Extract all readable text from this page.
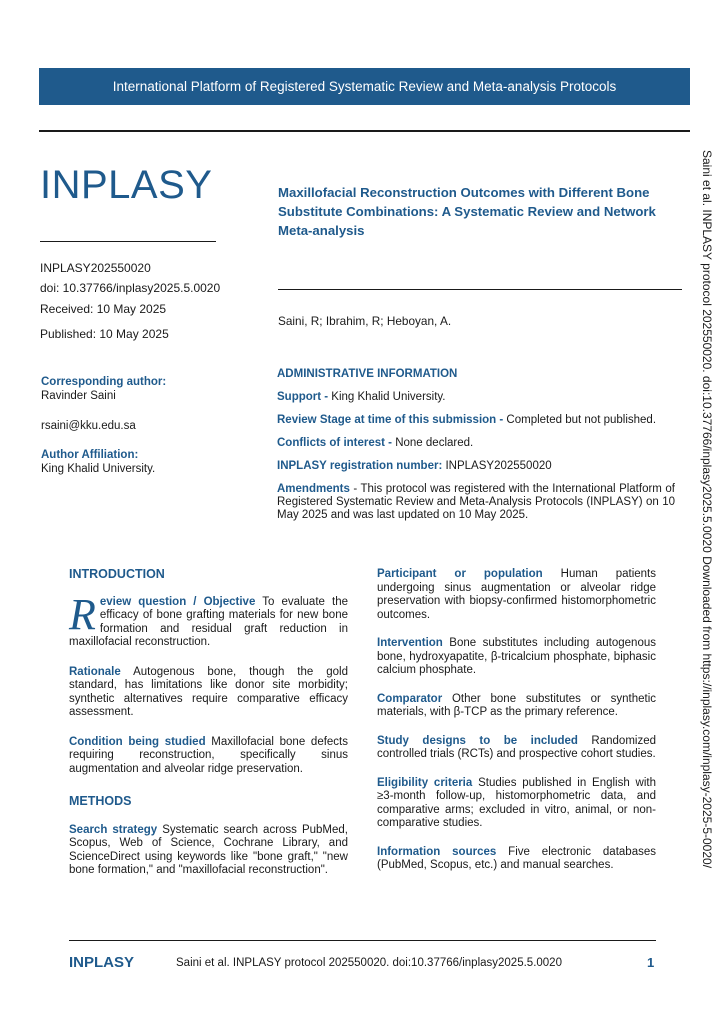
International Platform of Registered Systematic Review and Meta-analysis Protocols
INPLASY	Maxillofacial Reconstruction Outcomes with Different Bone Substitute Combinations: A Systematic Review and Network Meta-analysis
INPLASY202550020
doi: 10.37766/inplasy2025.5.0020
Received: 10 May 2025
Published: 10 May 2025
Corresponding author:
Ravinder Saini
rsaini@kku.edu.sa
Author Affiliation:
King Khalid University.
Saini, R; Ibrahim, R; Heboyan, A.

ADMINISTRATIVE INFORMATION

Support - King Khalid University.

Review Stage at time of this submission - Completed but not published.

Conflicts of interest - None declared.

INPLASY registration number: INPLASY202550020

Amendments - This protocol was registered with the International Platform of Registered Systematic Review and Meta-Analysis Protocols (INPLASY) on 10 May 2025 and was last updated on 10 May 2025.

INTRODUCTION

Review question / Objective To evaluate the efficacy of bone grafting materials for new bone formation and residual graft reduction in maxillofacial reconstruction.

Rationale Autogenous bone, though the gold standard, has limitations like donor site morbidity; synthetic alternatives require comparative efficacy assessment.

Condition being studied Maxillofacial bone defects requiring reconstruction, specifically sinus augmentation and alveolar ridge preservation.

METHODS

Search strategy Systematic search across PubMed, Scopus, Web of Science, Cochrane Library, and ScienceDirect using keywords like "bone graft," "new bone formation," and "maxillofacial reconstruction".

Participant or population Human patients undergoing sinus augmentation or alveolar ridge preservation with biopsy-confirmed histomorphometric outcomes.

Intervention Bone substitutes including autogenous bone, hydroxyapatite, β-tricalcium phosphate, biphasic calcium phosphate.

Comparator Other bone substitutes or synthetic materials, with β-TCP as the primary reference.

Study designs to be included Randomized controlled trials (RCTs) and prospective cohort studies.

Eligibility criteria Studies published in English with ≥3-month follow-up, histomorphometric data, and comparative arms; excluded in vitro, animal, or non-comparative studies.

Information sources Five electronic databases (PubMed, Scopus, etc.) and manual searches.	Saini et al. INPLASY protocol 202550020. doi:10.37766/inplasy2025.5.0020 Downloaded from https://inplasy.com/inplasy-2025-5-0020/
INPLASY	Saini et al. INPLASY protocol 202550020. doi:10.37766/inplasy2025.5.0020	1
